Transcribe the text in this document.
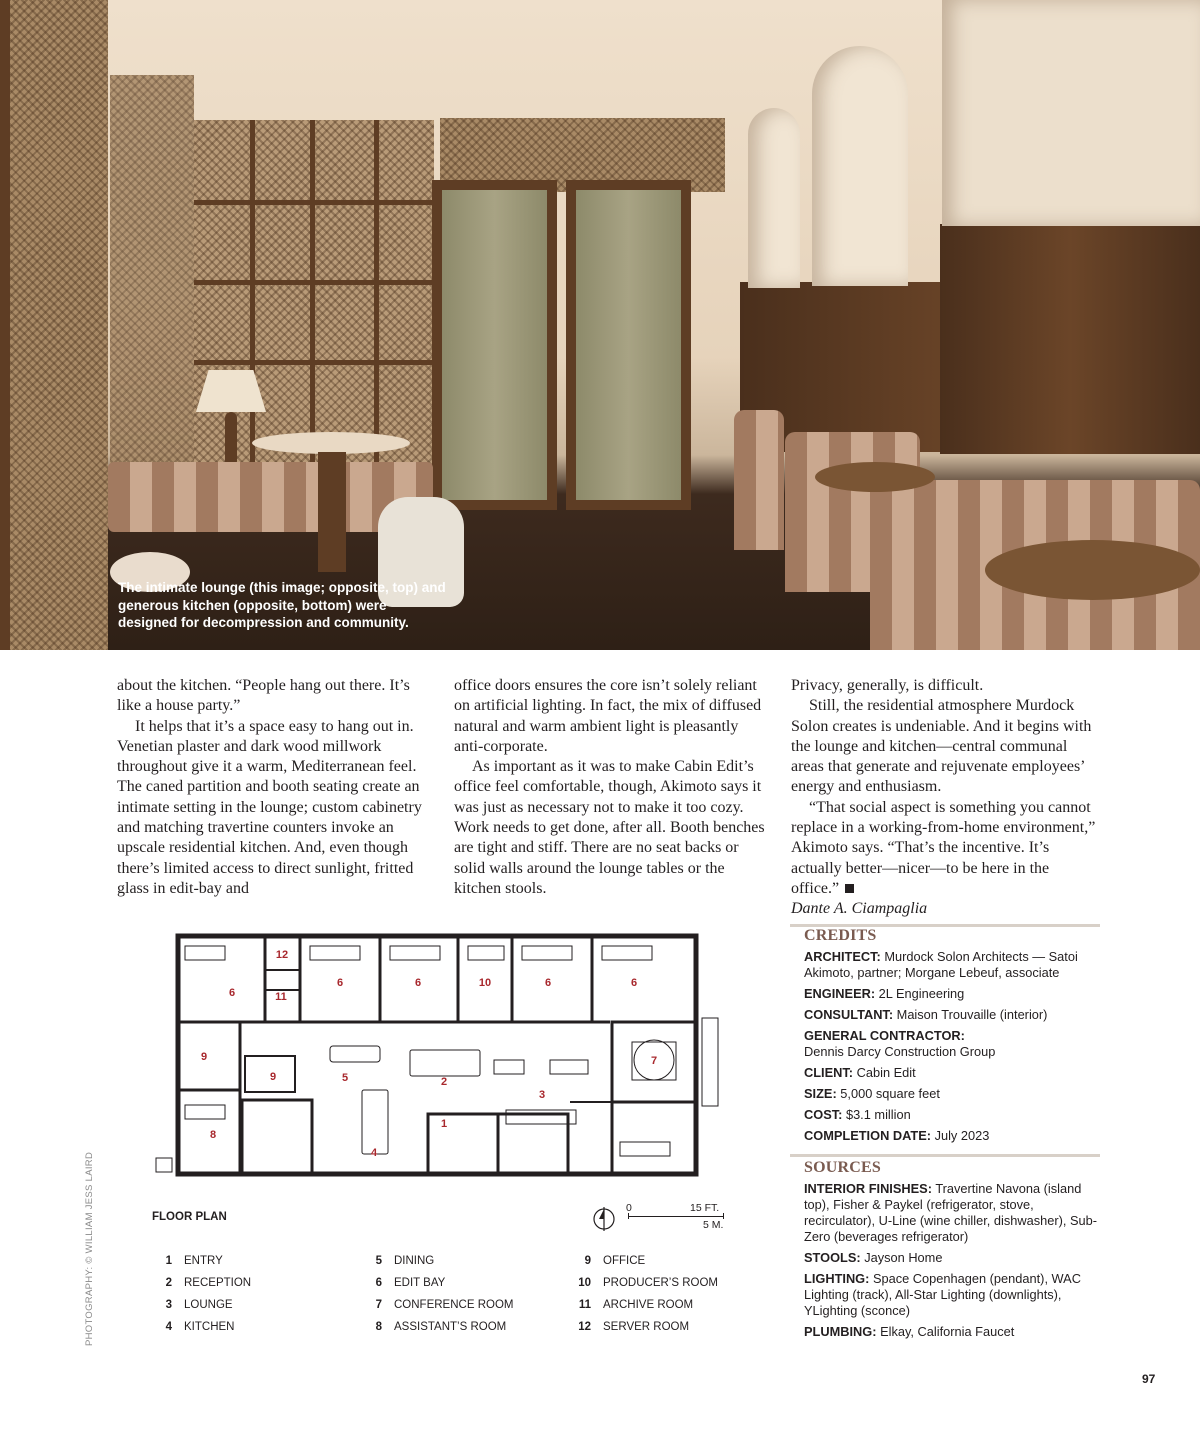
The intimate lounge (this image; opposite, top) and generous kitchen (opposite, bottom) were designed for decompression and community.

about the kitchen. “People hang out there. It’s like a house party.”

It helps that it’s a space easy to hang out in. Venetian plaster and dark wood millwork throughout give it a warm, Mediterranean feel. The caned partition and booth seating create an intimate setting in the lounge; custom cabinetry and matching travertine counters invoke an upscale residential kitchen. And, even though there’s limited access to direct sunlight, fritted glass in edit-bay and

office doors ensures the core isn’t solely reliant on artificial lighting. In fact, the mix of diffused natural and warm ambient light is pleasantly anti-corporate.

As important as it was to make Cabin Edit’s office feel comfortable, though, Akimoto says it was just as necessary not to make it too cozy. Work needs to get done, after all. Booth benches are tight and stiff. There are no seat backs or solid walls around the lounge tables or the kitchen stools.

Privacy, generally, is difficult.

Still, the residential atmosphere Murdock Solon creates is undeniable. And it begins with the lounge and kitchen—central communal areas that generate and rejuvenate employees’ energy and enthusiasm.

“That social aspect is something you cannot replace in a working-from-home environment,” Akimoto says. “That’s the incentive. It’s actually better—nicer—to be here in the office.”

Dante A. Ciampaglia

12
6	11
6	6	10	6	6
9
9	5	2
7
3
8
1
4
FLOOR PLAN
0	15 FT.
5 M.
1 ENTRY
2 RECEPTION
3 LOUNGE
4 KITCHEN
5 DINING
6 EDIT BAY
7 CONFERENCE ROOM
8 ASSISTANT’S ROOM
9 OFFICE
10 PRODUCER’S ROOM
11 ARCHIVE ROOM
12 SERVER ROOM
CREDITS
ARCHITECT: Murdock Solon Architects — Satoi Akimoto, partner; Morgane Lebeuf, associate
ENGINEER: 2L Engineering
CONSULTANT: Maison Trouvaille (interior)
GENERAL CONTRACTOR:
Dennis Darcy Construction Group
CLIENT: Cabin Edit
SIZE: 5,000 square feet
COST: $3.1 million
COMPLETION DATE: July 2023
SOURCES
INTERIOR FINISHES: Travertine Navona (island top), Fisher & Paykel (refrigerator, stove, recirculator), U-Line (wine chiller, dishwasher), Sub-Zero (beverages refrigerator)
STOOLS: Jayson Home
LIGHTING: Space Copenhagen (pendant), WAC Lighting (track), All-Star Lighting (downlights), YLighting (sconce)
PLUMBING: Elkay, California Faucet
PHOTOGRAPHY: © WILLIAM JESS LAIRD
97
